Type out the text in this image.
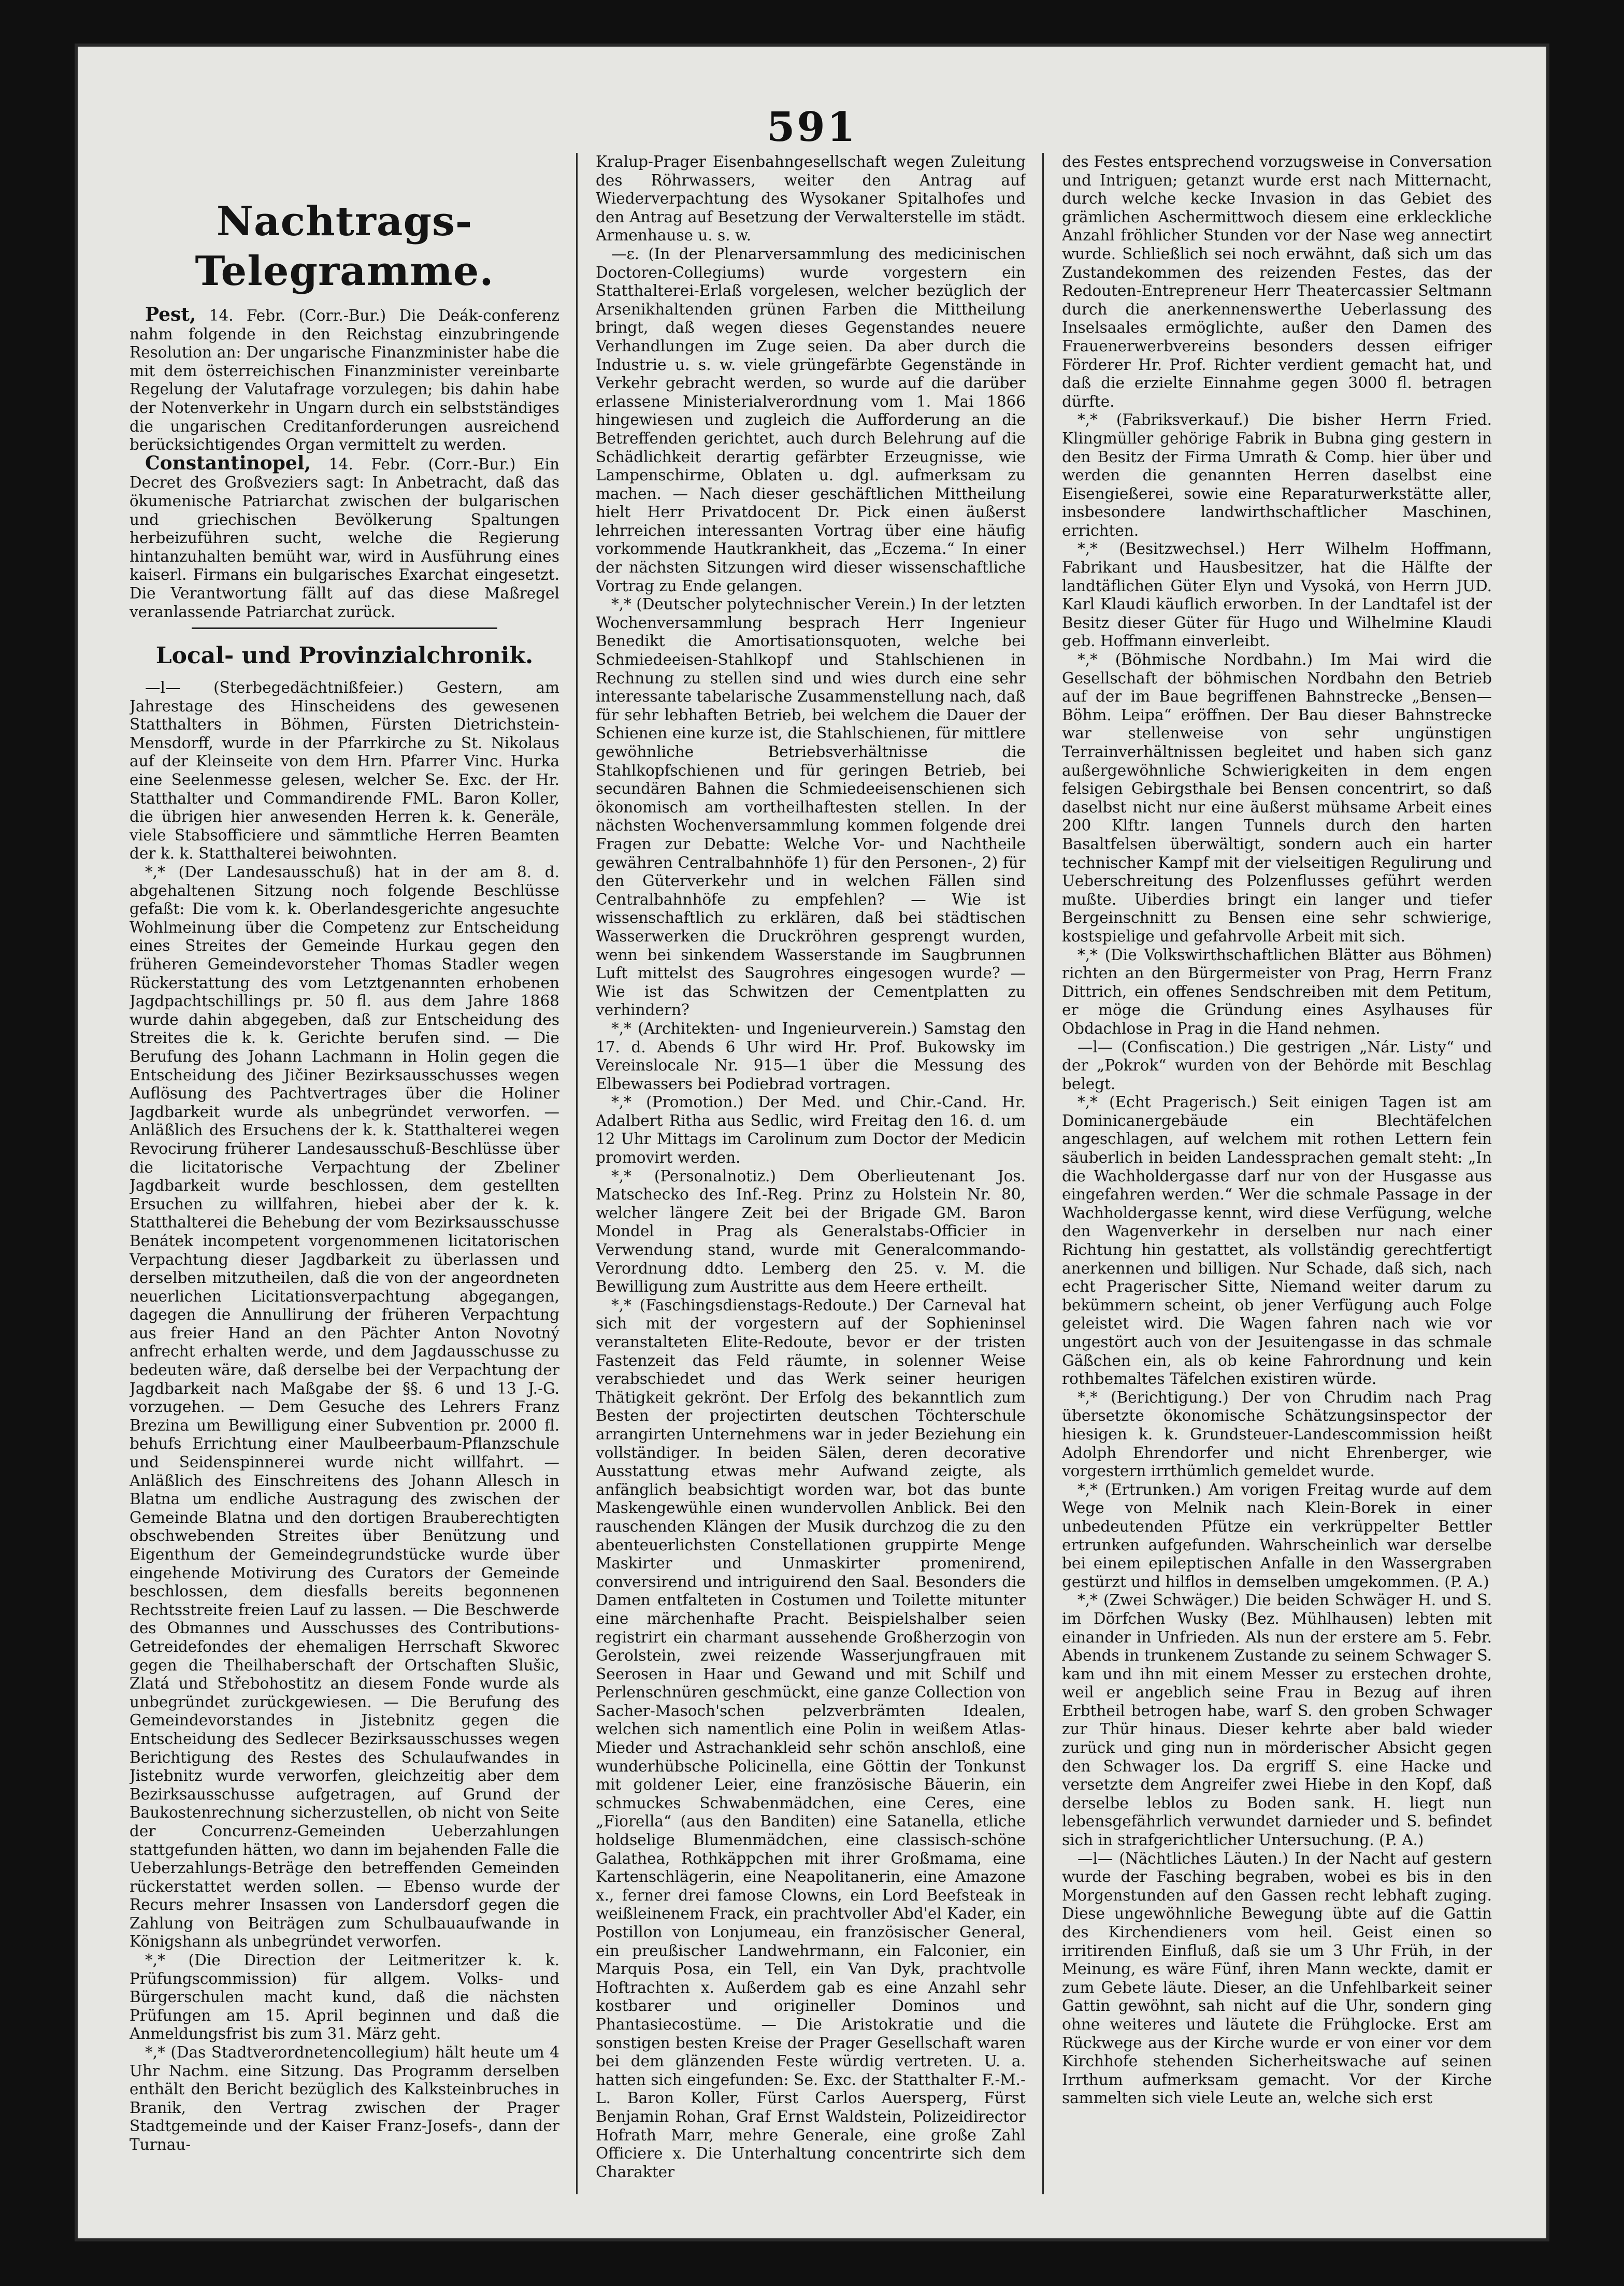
591
Nachtrags-Telegramme.

Pest, 14. Febr. (Corr.-Bur.) Die Deák-conferenz nahm folgende in den Reichstag einzubringende Resolution an: Der ungarische Finanzminister habe die mit dem österreichischen Finanzminister vereinbarte Regelung der Valutafrage vorzulegen; bis dahin habe der Notenverkehr in Ungarn durch ein selbstständiges die ungarischen Creditanforderungen ausreichend berücksichtigendes Organ vermittelt zu werden.

Constantinopel, 14. Febr. (Corr.-Bur.) Ein Decret des Großveziers sagt: In Anbetracht, daß das ökumenische Patriarchat zwischen der bulgarischen und griechischen Bevölkerung Spaltungen herbeizuführen sucht, welche die Regierung hintanzuhalten bemüht war, wird in Ausführung eines kaiserl. Firmans ein bulgarisches Exarchat eingesetzt. Die Verantwortung fällt auf das diese Maßregel veranlassende Patriarchat zurück.

Local- und Provinzialchronik.

—l— (Sterbegedächtnißfeier.) Gestern, am Jahrestage des Hinscheidens des gewesenen Statthalters in Böhmen, Fürsten Dietrichstein-Mensdorff, wurde in der Pfarrkirche zu St. Nikolaus auf der Kleinseite von dem Hrn. Pfarrer Vinc. Hurka eine Seelenmesse gelesen, welcher Se. Exc. der Hr. Statthalter und Commandirende FML. Baron Koller, die übrigen hier anwesenden Herren k. k. Generäle, viele Stabsofficiere und sämmtliche Herren Beamten der k. k. Statthalterei beiwohnten.

*,* (Der Landesausschuß) hat in der am 8. d. abgehaltenen Sitzung noch folgende Beschlüsse gefaßt: Die vom k. k. Oberlandesgerichte angesuchte Wohlmeinung über die Competenz zur Entscheidung eines Streites der Gemeinde Hurkau gegen den früheren Gemeindevorsteher Thomas Stadler wegen Rückerstattung des vom Letztgenannten erhobenen Jagdpachtschillings pr. 50 fl. aus dem Jahre 1868 wurde dahin abgegeben, daß zur Entscheidung des Streites die k. k. Gerichte berufen sind. — Die Berufung des Johann Lachmann in Holin gegen die Entscheidung des Jičiner Bezirksausschusses wegen Auflösung des Pachtvertrages über die Holiner Jagdbarkeit wurde als unbegründet verworfen. — Anläßlich des Ersuchens der k. k. Statthalterei wegen Revocirung früherer Landesausschuß-Beschlüsse über die licitatorische Verpachtung der Zbeliner Jagdbarkeit wurde beschlossen, dem gestellten Ersuchen zu willfahren, hiebei aber der k. k. Statthalterei die Behebung der vom Bezirksausschusse Benátek incompetent vorgenommenen licitatorischen Verpachtung dieser Jagdbarkeit zu überlassen und derselben mitzutheilen, daß die von der angeordneten neuerlichen Licitationsverpachtung abgegangen, dagegen die Annullirung der früheren Verpachtung aus freier Hand an den Pächter Anton Novotný anfrecht erhalten werde, und dem Jagdausschusse zu bedeuten wäre, daß derselbe bei der Verpachtung der Jagdbarkeit nach Maßgabe der §§. 6 und 13 J.-G. vorzugehen. — Dem Gesuche des Lehrers Franz Brezina um Bewilligung einer Subvention pr. 2000 fl. behufs Errichtung einer Maulbeerbaum-Pflanzschule und Seidenspinnerei wurde nicht willfahrt. — Anläßlich des Einschreitens des Johann Allesch in Blatna um endliche Austragung des zwischen der Gemeinde Blatna und den dortigen Brauberechtigten obschwebenden Streites über Benützung und Eigenthum der Gemeindegrundstücke wurde über eingehende Motivirung des Curators der Gemeinde beschlossen, dem diesfalls bereits begonnenen Rechtsstreite freien Lauf zu lassen. — Die Beschwerde des Obmannes und Ausschusses des Contributions-Getreidefondes der ehemaligen Herrschaft Skworec gegen die Theilhaberschaft der Ortschaften Slušic, Zlatá und Střebohostitz an diesem Fonde wurde als unbegründet zurückgewiesen. — Die Berufung des Gemeindevorstandes in Jistebnitz gegen die Entscheidung des Sedlecer Bezirksausschusses wegen Berichtigung des Restes des Schulaufwandes in Jistebnitz wurde verworfen, gleichzeitig aber dem Bezirksausschusse aufgetragen, auf Grund der Baukostenrechnung sicherzustellen, ob nicht von Seite der Concurrenz-Gemeinden Ueberzahlungen stattgefunden hätten, wo dann im bejahenden Falle die Ueberzahlungs-Beträge den betreffenden Gemeinden rückerstattet werden sollen. — Ebenso wurde der Recurs mehrer Insassen von Landersdorf gegen die Zahlung von Beiträgen zum Schulbauaufwande in Königshann als unbegründet verworfen.

*,* (Die Direction der Leitmeritzer k. k. Prüfungscommission) für allgem. Volks- und Bürgerschulen macht kund, daß die nächsten Prüfungen am 15. April beginnen und daß die Anmeldungsfrist bis zum 31. März geht.

*,* (Das Stadtverordnetencollegium) hält heute um 4 Uhr Nachm. eine Sitzung. Das Programm derselben enthält den Bericht bezüglich des Kalksteinbruches in Branik, den Vertrag zwischen der Prager Stadtgemeinde und der Kaiser Franz-Josefs-, dann der Turnau-

Kralup-Prager Eisenbahngesellschaft wegen Zuleitung des Röhrwassers, weiter den Antrag auf Wiederverpachtung des Wysokaner Spitalhofes und den Antrag auf Besetzung der Verwalterstelle im städt. Armenhause u. s. w.

—ε. (In der Plenarversammlung des medicinischen Doctoren-Collegiums) wurde vorgestern ein Statthalterei-Erlaß vorgelesen, welcher bezüglich der Arsenikhaltenden grünen Farben die Mittheilung bringt, daß wegen dieses Gegenstandes neuere Verhandlungen im Zuge seien. Da aber durch die Industrie u. s. w. viele grüngefärbte Gegenstände in Verkehr gebracht werden, so wurde auf die darüber erlassene Ministerialverordnung vom 1. Mai 1866 hingewiesen und zugleich die Aufforderung an die Betreffenden gerichtet, auch durch Belehrung auf die Schädlichkeit derartig gefärbter Erzeugnisse, wie Lampenschirme, Oblaten u. dgl. aufmerksam zu machen. — Nach dieser geschäftlichen Mittheilung hielt Herr Privatdocent Dr. Pick einen äußerst lehrreichen interessanten Vortrag über eine häufig vorkommende Hautkrankheit, das „Eczema.“ In einer der nächsten Sitzungen wird dieser wissenschaftliche Vortrag zu Ende gelangen.

*,* (Deutscher polytechnischer Verein.) In der letzten Wochenversammlung besprach Herr Ingenieur Benedikt die Amortisationsquoten, welche bei Schmiedeeisen-Stahlkopf und Stahlschienen in Rechnung zu stellen sind und wies durch eine sehr interessante tabelarische Zusammenstellung nach, daß für sehr lebhaften Betrieb, bei welchem die Dauer der Schienen eine kurze ist, die Stahlschienen, für mittlere gewöhnliche Betriebsverhältnisse die Stahlkopfschienen und für geringen Betrieb, bei secundären Bahnen die Schmiedeeisenschienen sich ökonomisch am vortheilhaftesten stellen. In der nächsten Wochenversammlung kommen folgende drei Fragen zur Debatte: Welche Vor- und Nachtheile gewähren Centralbahnhöfe 1) für den Personen-, 2) für den Güterverkehr und in welchen Fällen sind Centralbahnhöfe zu empfehlen? — Wie ist wissenschaftlich zu erklären, daß bei städtischen Wasserwerken die Druckröhren gesprengt wurden, wenn bei sinkendem Wasserstande im Saugbrunnen Luft mittelst des Saugrohres eingesogen wurde? — Wie ist das Schwitzen der Cementplatten zu verhindern?

*,* (Architekten- und Ingenieurverein.) Samstag den 17. d. Abends 6 Uhr wird Hr. Prof. Bukowsky im Vereinslocale Nr. 915—1 über die Messung des Elbewassers bei Podiebrad vortragen.

*,* (Promotion.) Der Med. und Chir.-Cand. Hr. Adalbert Ritha aus Sedlic, wird Freitag den 16. d. um 12 Uhr Mittags im Carolinum zum Doctor der Medicin promovirt werden.

*,* (Personalnotiz.) Dem Oberlieutenant Jos. Matschecko des Inf.-Reg. Prinz zu Holstein Nr. 80, welcher längere Zeit bei der Brigade GM. Baron Mondel in Prag als Generalstabs-Officier in Verwendung stand, wurde mit Generalcommando-Verordnung ddto. Lemberg den 25. v. M. die Bewilligung zum Austritte aus dem Heere ertheilt.

*,* (Faschingsdienstags-Redoute.) Der Carneval hat sich mit der vorgestern auf der Sophieninsel veranstalteten Elite-Redoute, bevor er der tristen Fastenzeit das Feld räumte, in solenner Weise verabschiedet und das Werk seiner heurigen Thätigkeit gekrönt. Der Erfolg des bekanntlich zum Besten der projectirten deutschen Töchterschule arrangirten Unternehmens war in jeder Beziehung ein vollständiger. In beiden Sälen, deren decorative Ausstattung etwas mehr Aufwand zeigte, als anfänglich beabsichtigt worden war, bot das bunte Maskengewühle einen wundervollen Anblick. Bei den rauschenden Klängen der Musik durchzog die zu den abenteuerlichsten Constellationen gruppirte Menge Maskirter und Unmaskirter promenirend, conversirend und intriguirend den Saal. Besonders die Damen entfalteten in Costumen und Toilette mitunter eine märchenhafte Pracht. Beispielshalber seien registrirt ein charmant aussehende Großherzogin von Gerolstein, zwei reizende Wasserjungfrauen mit Seerosen in Haar und Gewand und mit Schilf und Perlenschnüren geschmückt, eine ganze Collection von Sacher-Masoch'schen pelzverbrämten Idealen, welchen sich namentlich eine Polin in weißem Atlas-Mieder und Astrachankleid sehr schön anschloß, eine wunderhübsche Policinella, eine Göttin der Tonkunst mit goldener Leier, eine französische Bäuerin, ein schmuckes Schwabenmädchen, eine Ceres, eine „Fiorella“ (aus den Banditen) eine Satanella, etliche holdselige Blumenmädchen, eine classisch-schöne Galathea, Rothkäppchen mit ihrer Großmama, eine Kartenschlägerin, eine Neapolitanerin, eine Amazone x., ferner drei famose Clowns, ein Lord Beefsteak in weißleinenem Frack, ein prachtvoller Abd'el Kader, ein Postillon von Lonjumeau, ein französischer General, ein preußischer Landwehrmann, ein Falconier, ein Marquis Posa, ein Tell, ein Van Dyk, prachtvolle Hoftrachten x. Außerdem gab es eine Anzahl sehr kostbarer und origineller Dominos und Phantasiecostüme. — Die Aristokratie und die sonstigen besten Kreise der Prager Gesellschaft waren bei dem glänzenden Feste würdig vertreten. U. a. hatten sich eingefunden: Se. Exc. der Statthalter F.-M.-L. Baron Koller, Fürst Carlos Auersperg, Fürst Benjamin Rohan, Graf Ernst Waldstein, Polizeidirector Hofrath Marr, mehre Generale, eine große Zahl Officiere x. Die Unterhaltung concentrirte sich dem Charakter

des Festes entsprechend vorzugsweise in Conversation und Intriguen; getanzt wurde erst nach Mitternacht, durch welche kecke Invasion in das Gebiet des grämlichen Aschermittwoch diesem eine erkleckliche Anzahl fröhlicher Stunden vor der Nase weg annectirt wurde. Schließlich sei noch erwähnt, daß sich um das Zustandekommen des reizenden Festes, das der Redouten-Entrepreneur Herr Theatercassier Seltmann durch die anerkennenswerthe Ueberlassung des Inselsaales ermöglichte, außer den Damen des Frauenerwerbvereins besonders dessen eifriger Förderer Hr. Prof. Richter verdient gemacht hat, und daß die erzielte Einnahme gegen 3000 fl. betragen dürfte.

*,* (Fabriksverkauf.) Die bisher Herrn Fried. Klingmüller gehörige Fabrik in Bubna ging gestern in den Besitz der Firma Umrath & Comp. hier über und werden die genannten Herren daselbst eine Eisengießerei, sowie eine Reparaturwerkstätte aller, insbesondere landwirthschaftlicher Maschinen, errichten.

*,* (Besitzwechsel.) Herr Wilhelm Hoffmann, Fabrikant und Hausbesitzer, hat die Hälfte der landtäflichen Güter Elyn und Vysoká, von Herrn JUD. Karl Klaudi käuflich erworben. In der Landtafel ist der Besitz dieser Güter für Hugo und Wilhelmine Klaudi geb. Hoffmann einverleibt.

*,* (Böhmische Nordbahn.) Im Mai wird die Gesellschaft der böhmischen Nordbahn den Betrieb auf der im Baue begriffenen Bahnstrecke „Bensen—Böhm. Leipa“ eröffnen. Der Bau dieser Bahnstrecke war stellenweise von sehr ungünstigen Terrainverhältnissen begleitet und haben sich ganz außergewöhnliche Schwierigkeiten in dem engen felsigen Gebirgsthale bei Bensen concentrirt, so daß daselbst nicht nur eine äußerst mühsame Arbeit eines 200 Klftr. langen Tunnels durch den harten Basaltfelsen überwältigt, sondern auch ein harter technischer Kampf mit der vielseitigen Regulirung und Ueberschreitung des Polzenflusses geführt werden mußte. Uiberdies bringt ein langer und tiefer Bergeinschnitt zu Bensen eine sehr schwierige, kostspielige und gefahrvolle Arbeit mit sich.

*,* (Die Volkswirthschaftlichen Blätter aus Böhmen) richten an den Bürgermeister von Prag, Herrn Franz Dittrich, ein offenes Sendschreiben mit dem Petitum, er möge die Gründung eines Asylhauses für Obdachlose in Prag in die Hand nehmen.

—l— (Confiscation.) Die gestrigen „Nár. Listy“ und der „Pokrok“ wurden von der Behörde mit Beschlag belegt.

*,* (Echt Pragerisch.) Seit einigen Tagen ist am Dominicanergebäude ein Blechtäfelchen angeschlagen, auf welchem mit rothen Lettern fein säuberlich in beiden Landessprachen gemalt steht: „In die Wachholdergasse darf nur von der Husgasse aus eingefahren werden.“ Wer die schmale Passage in der Wachholdergasse kennt, wird diese Verfügung, welche den Wagenverkehr in derselben nur nach einer Richtung hin gestattet, als vollständig gerechtfertigt anerkennen und billigen. Nur Schade, daß sich, nach echt Pragerischer Sitte, Niemand weiter darum zu bekümmern scheint, ob jener Verfügung auch Folge geleistet wird. Die Wagen fahren nach wie vor ungestört auch von der Jesuitengasse in das schmale Gäßchen ein, als ob keine Fahrordnung und kein rothbemaltes Täfelchen existiren würde.

*,* (Berichtigung.) Der von Chrudim nach Prag übersetzte ökonomische Schätzungsinspector der hiesigen k. k. Grundsteuer-Landescommission heißt Adolph Ehrendorfer und nicht Ehrenberger, wie vorgestern irrthümlich gemeldet wurde.

*,* (Ertrunken.) Am vorigen Freitag wurde auf dem Wege von Melnik nach Klein-Borek in einer unbedeutenden Pfütze ein verkrüppelter Bettler ertrunken aufgefunden. Wahrscheinlich war derselbe bei einem epileptischen Anfalle in den Wassergraben gestürzt und hilflos in demselben umgekommen. (P. A.)

*,* (Zwei Schwäger.) Die beiden Schwäger H. und S. im Dörfchen Wusky (Bez. Mühlhausen) lebten mit einander in Unfrieden. Als nun der erstere am 5. Febr. Abends in trunkenem Zustande zu seinem Schwager S. kam und ihn mit einem Messer zu erstechen drohte, weil er angeblich seine Frau in Bezug auf ihren Erbtheil betrogen habe, warf S. den groben Schwager zur Thür hinaus. Dieser kehrte aber bald wieder zurück und ging nun in mörderischer Absicht gegen den Schwager los. Da ergriff S. eine Hacke und versetzte dem Angreifer zwei Hiebe in den Kopf, daß derselbe leblos zu Boden sank. H. liegt nun lebensgefährlich verwundet darnieder und S. befindet sich in strafgerichtlicher Untersuchung. (P. A.)

—l— (Nächtliches Läuten.) In der Nacht auf gestern wurde der Fasching begraben, wobei es bis in den Morgenstunden auf den Gassen recht lebhaft zuging. Diese ungewöhnliche Bewegung übte auf die Gattin des Kirchendieners vom heil. Geist einen so irritirenden Einfluß, daß sie um 3 Uhr Früh, in der Meinung, es wäre Fünf, ihren Mann weckte, damit er zum Gebete läute. Dieser, an die Unfehlbarkeit seiner Gattin gewöhnt, sah nicht auf die Uhr, sondern ging ohne weiteres und läutete die Frühglocke. Erst am Rückwege aus der Kirche wurde er von einer vor dem Kirchhofe stehenden Sicherheitswache auf seinen Irrthum aufmerksam gemacht. Vor der Kirche sammelten sich viele Leute an, welche sich erst
